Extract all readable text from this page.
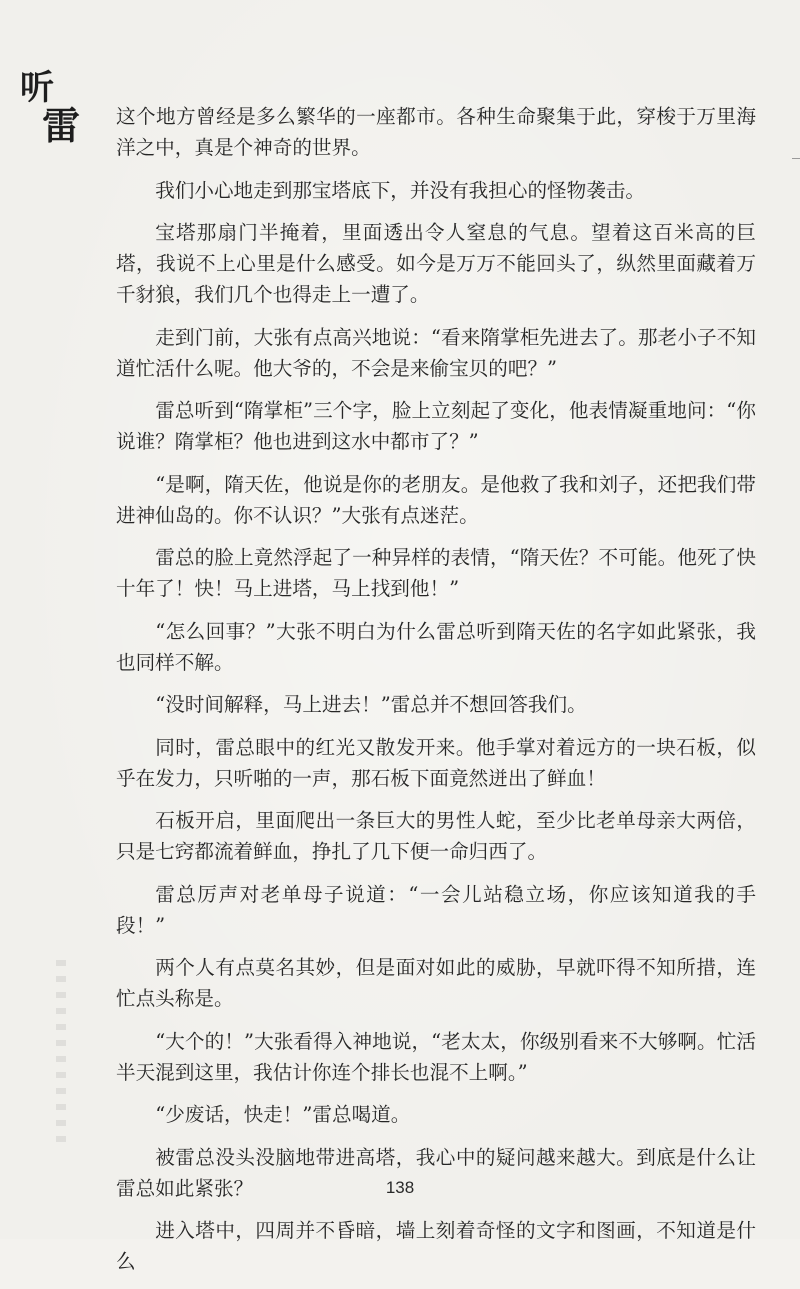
听
雷 这个地方曾经是多么繁华的一座都市。各种生命聚集于此，穿梭于万里海洋之中，真是个神奇的世界。

我们小心地走到那宝塔底下，并没有我担心的怪物袭击。

宝塔那扇门半掩着，里面透出令人窒息的气息。望着这百米高的巨塔，我说不上心里是什么感受。如今是万万不能回头了，纵然里面藏着万千豺狼，我们几个也得走上一遭了。

走到门前，大张有点高兴地说：“看来隋掌柜先进去了。那老小子不知道忙活什么呢。他大爷的，不会是来偷宝贝的吧？”

雷总听到“隋掌柜”三个字，脸上立刻起了变化，他表情凝重地问：“你说谁？隋掌柜？他也进到这水中都市了？”

“是啊，隋天佐，他说是你的老朋友。是他救了我和刘子，还把我们带进神仙岛的。你不认识？”大张有点迷茫。

雷总的脸上竟然浮起了一种异样的表情，“隋天佐？不可能。他死了快十年了！快！马上进塔，马上找到他！”

“怎么回事？”大张不明白为什么雷总听到隋天佐的名字如此紧张，我也同样不解。

“没时间解释，马上进去！”雷总并不想回答我们。

同时，雷总眼中的红光又散发开来。他手掌对着远方的一块石板，似乎在发力，只听啪的一声，那石板下面竟然迸出了鲜血！

石板开启，里面爬出一条巨大的男性人蛇，至少比老单母亲大两倍，只是七窍都流着鲜血，挣扎了几下便一命归西了。

雷总厉声对老单母子说道：“一会儿站稳立场，你应该知道我的手段！”

两个人有点莫名其妙，但是面对如此的威胁，早就吓得不知所措，连忙点头称是。

“大个的！”大张看得入神地说，“老太太，你级别看来不大够啊。忙活半天混到这里，我估计你连个排长也混不上啊。”

“少废话，快走！”雷总喝道。

被雷总没头没脑地带进高塔，我心中的疑问越来越大。到底是什么让雷总如此紧张？

进入塔中，四周并不昏暗，墙上刻着奇怪的文字和图画，不知道是什么

138
